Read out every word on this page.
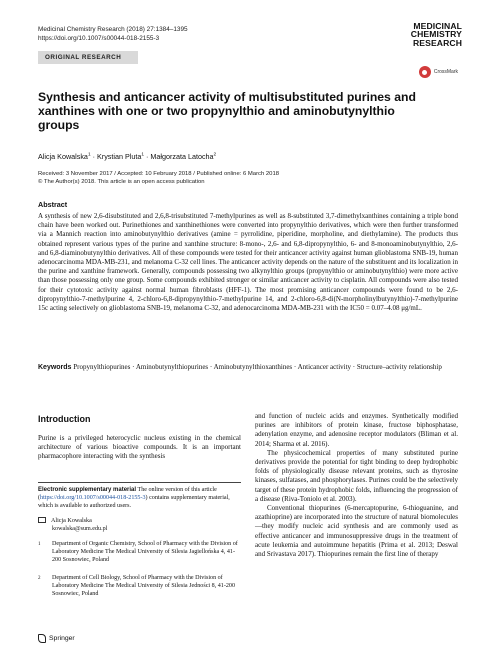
Medicinal Chemistry Research (2018) 27:1384–1395
https://doi.org/10.1007/s00044-018-2155-3
MEDICINAL
CHEMISTRY
RESEARCH
CrossMark
ORIGINAL RESEARCH
Synthesis and anticancer activity of multisubstituted purines and xanthines with one or two propynylthio and aminobutynylthio groups
Alicja Kowalska$^1$ · Krystian Pluta$^1$ · Małgorzata Latocha$^2$
Received: 3 November 2017 / Accepted: 10 February 2018 / Published online: 6 March 2018
© The Author(s) 2018. This article is an open access publication
Abstract
A synthesis of new 2,6-disubstituted and 2,6,8-trisubstituted 7-methylpurines as well as 8-substituted 3,7-dimethylxanthines containing a triple bond chain have been worked out. Purinethiones and xanthinethiones were converted into propynylthio derivatives, which were then further transformed via a Mannich reaction into aminobutynylthio derivatives (amine = pyrrolidine, piperidine, morpholine, and diethylamine). The products thus obtained represent various types of the purine and xanthine structure: 8-mono-, 2,6- and 6,8-dipropynylthio, 6- and 8-monoaminobutynylthio, 2,6- and 6,8-diaminobutynylthio derivatives. All of these compounds were tested for their anticancer activity against human glioblastoma SNB-19, human adenocarcinoma MDA-MB-231, and melanoma C-32 cell lines. The anticancer activity depends on the nature of the substituent and its localization in the purine and xanthine framework. Generally, compounds possessing two alkynylthio groups (propynylthio or aminobutynylthio) were more active than those possessing only one group. Some compounds exhibited stronger or similar anticancer activity to cisplatin. All compounds were also tested for their cytotoxic activity against normal human fibroblasts (HFF-1). The most promising anticancer compounds were found to be 2,6-dipropynylthio-7-methylpurine 4, 2-chloro-6,8-dipropynylthio-7-methylpurine 14, and 2-chloro-6,8-di(N-morpholinylbutynylthio)-7-methylpurine 15c acting selectively on glioblastoma SNB-19, melanoma C-32, and adenocarcinoma MDA-MB-231 with the IC50 = 0.07–4.08 μg/mL.
Keywords Propynylthiopurines · Aminobutynylthiopurines · Aminobutynylthioxanthines · Anticancer activity · Structure–activity relationship
Introduction
Purine is a privileged heterocyclic nucleus existing in the chemical architecture of various bioactive compounds. It is an important pharmacophore interacting with the synthesis
Electronic supplementary material The online version of this article (https://doi.org/10.1007/s00044-018-2155-3) contains supplementary material, which is available to authorized users.
Alicja Kowalska
kowalska@sum.edu.pl
1	Department of Organic Chemistry, School of Pharmacy with the Division of Laboratory Medicine The Medical University of Silesia Jagiellońska 4, 41-200 Sosnowiec, Poland
2	Department of Cell Biology, School of Pharmacy with the Division of Laboratory Medicine The Medical University of Silesia Jedności 8, 41-200 Sosnowiec, Poland
Springer

and function of nucleic acids and enzymes. Synthetically modified purines are inhibitors of protein kinase, fructose biphosphatase, adenylation enzyme, and adenosine receptor modulators (Bliman et al. 2014; Sharma et al. 2016).

The physicochemical properties of many substituted purine derivatives provide the potential for tight binding to deep hydrophobic folds of physiologically disease relevant proteins, such as thyrosine kinases, sulfatases, and phosphorylases. Purines could be the selectively target of these protein hydrophobic folds, influencing the progression of a disease (Riva-Toniolo et al. 2003).

Conventional thiopurines (6-mercaptopurine, 6-thioguanine, and azathioprine) are incorporated into the structure of natural biomolecules—they modify nucleic acid synthesis and are commonly used as effective anticancer and immunosuppressive drugs in the treatment of acute leukemia and autoimmune hepatitis (Prima et al. 2013; Deswal and Srivastava 2017). Thiopurines remain the first line of therapy
